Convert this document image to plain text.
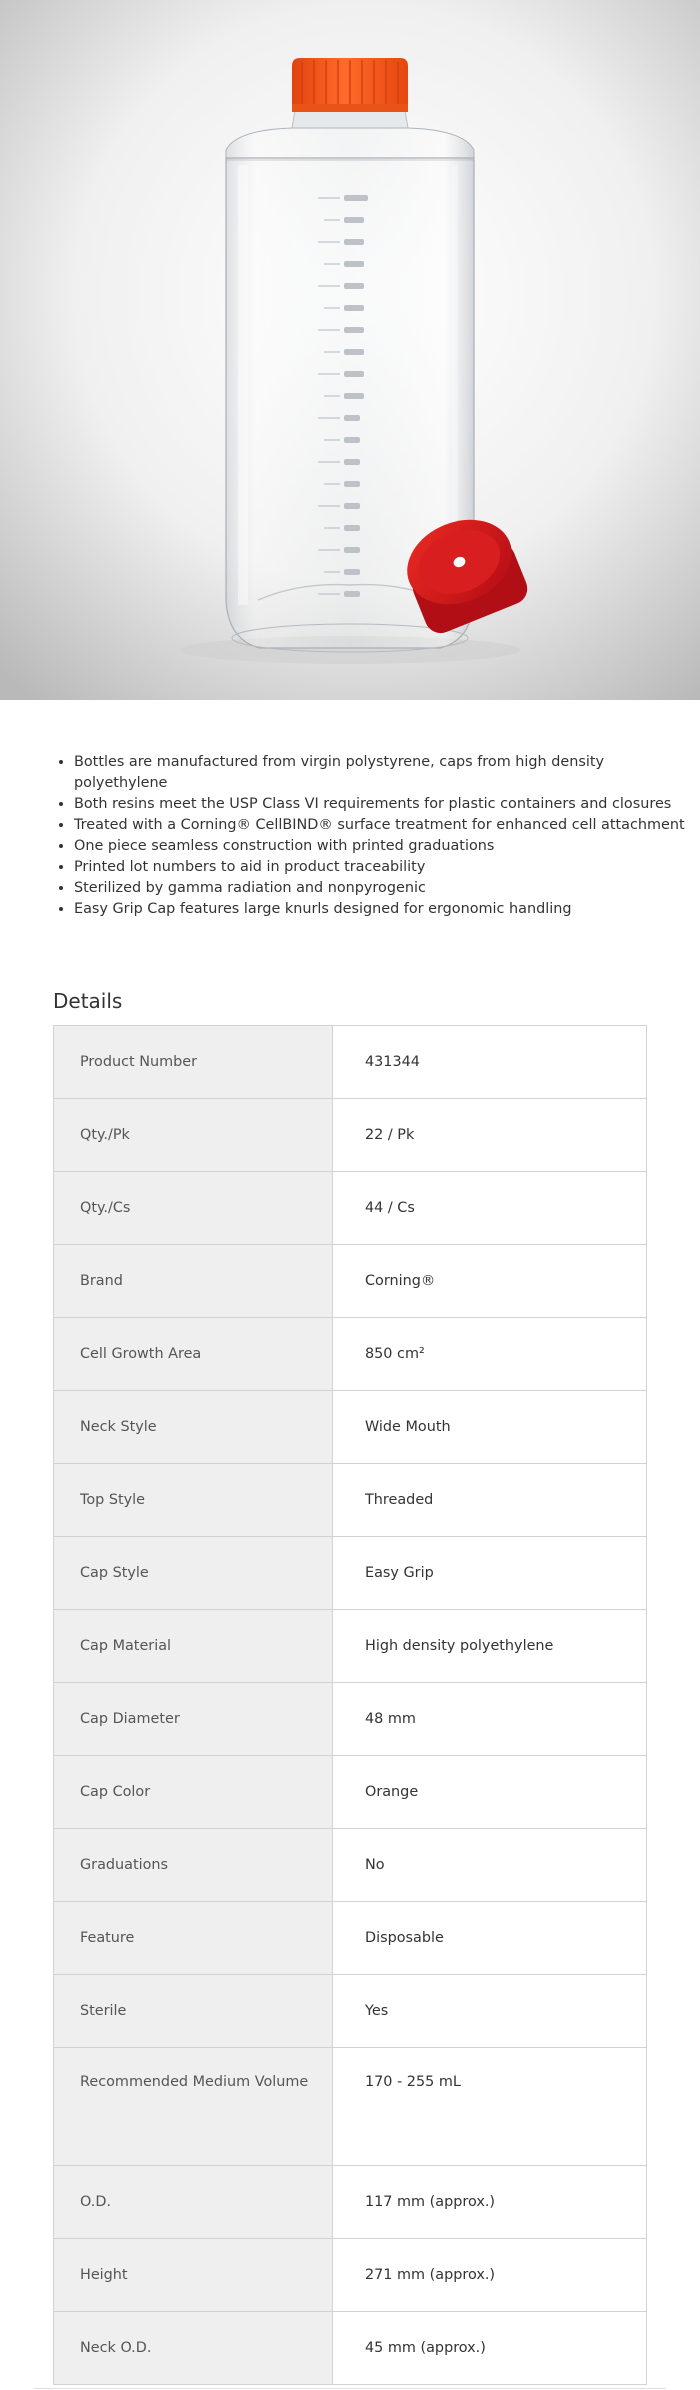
• Bottles are manufactured from virgin polystyrene, caps from high density polyethylene
• Both resins meet the USP Class VI requirements for plastic containers and closures
• Treated with a Corning® CellBIND® surface treatment for enhanced cell attachment
• One piece seamless construction with printed graduations
• Printed lot numbers to aid in product traceability
• Sterilized by gamma radiation and nonpyrogenic
• Easy Grip Cap features large knurls designed for ergonomic handling
Details
Product Number	431344
Qty./Pk	22 / Pk
Qty./Cs	44 / Cs
Brand	Corning®
Cell Growth Area	850 cm²
Neck Style	Wide Mouth
Top Style	Threaded
Cap Style	Easy Grip
Cap Material	High density polyethylene
Cap Diameter	48 mm
Cap Color	Orange
Graduations	No
Feature	Disposable
Sterile	Yes
Recommended Medium Volume	170 - 255 mL
O.D.	117 mm (approx.)
Height	271 mm (approx.)
Neck O.D.	45 mm (approx.)
